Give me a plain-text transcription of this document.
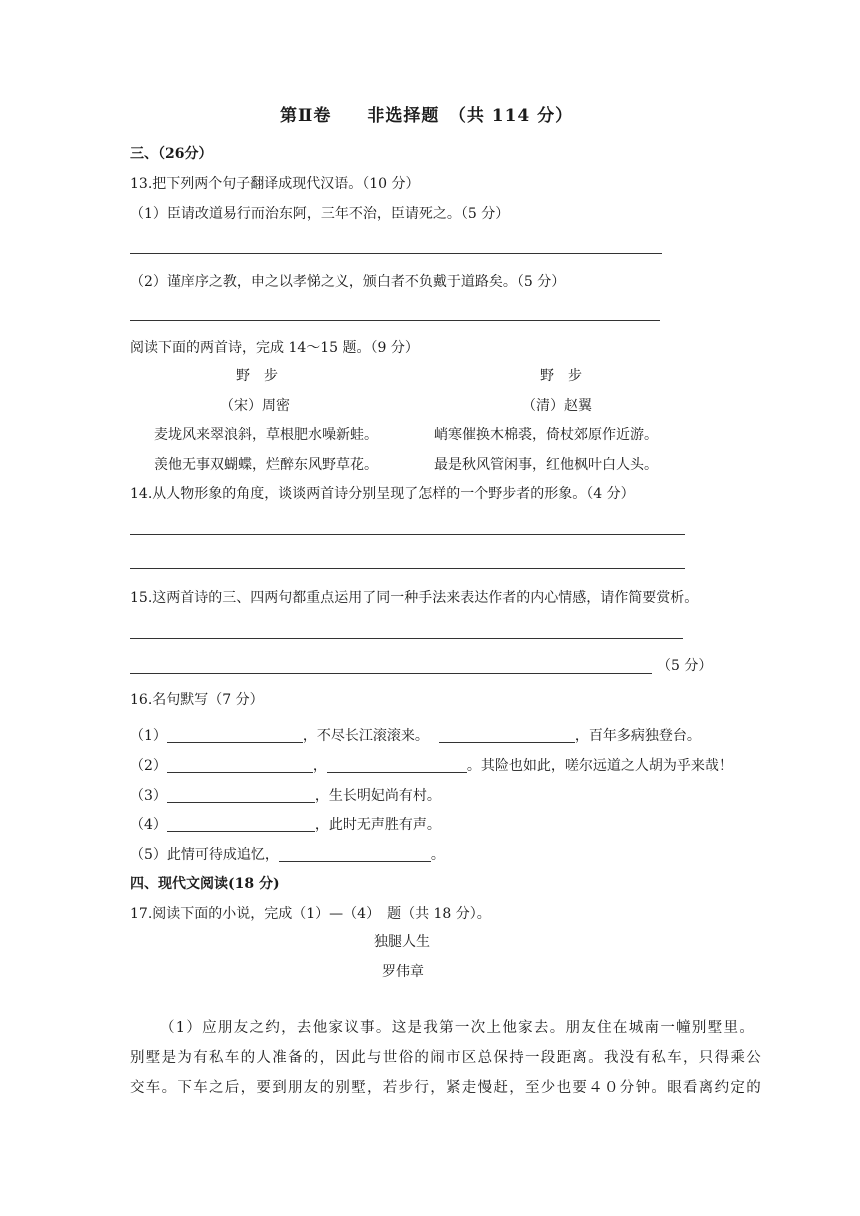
第Ⅱ卷　　非选择题　（共 114 分）
三、（26分）
13.把下列两个句子翻译成现代汉语。（10 分）
（1）臣请改道易行而治东阿，三年不治，臣请死之。（5 分）
（2）谨庠序之教，申之以孝悌之义，颁白者不负戴于道路矣。（5 分）
阅读下面的两首诗，完成 14～15 题。（9 分）
野　步
（宋）周密
麦垅风来翠浪斜，草根肥水噪新蛙。
羡他无事双蝴蝶，烂醉东风野草花。
野　步
（清）赵翼
峭寒催换木棉裘，倚杖郊原作近游。
最是秋风管闲事，红他枫叶白人头。
14.从人物形象的角度，谈谈两首诗分别呈现了怎样的一个野步者的形象。（4 分）
15.这两首诗的三、四两句都重点运用了同一种手法来表达作者的内心情感，请作简要赏析。
（5 分）
16.名句默写（7 分）
（1）	，不尽长江滚滚来。	，百年多病独登台。
（2）	，	。其险也如此，嗟尔远道之人胡为乎来哉！
（3）	，生长明妃尚有村。
（4）	，此时无声胜有声。
（5）此情可待成追忆，	。
四、现代文阅读(18 分)
17.阅读下面的小说，完成（1）—（4）　题（共 18 分）。
独腿人生
罗伟章
（1）应朋友之约，去他家议事。这是我第一次上他家去。朋友住在城南一幢别墅里。
别墅是为有私车的人准备的，因此与世俗的闹市区总保持一段距离。我没有私车，只得乘公
交车。下车之后，要到朋友的别墅，若步行，紧走慢赶，至少也要４０分钟。眼看离约定的
